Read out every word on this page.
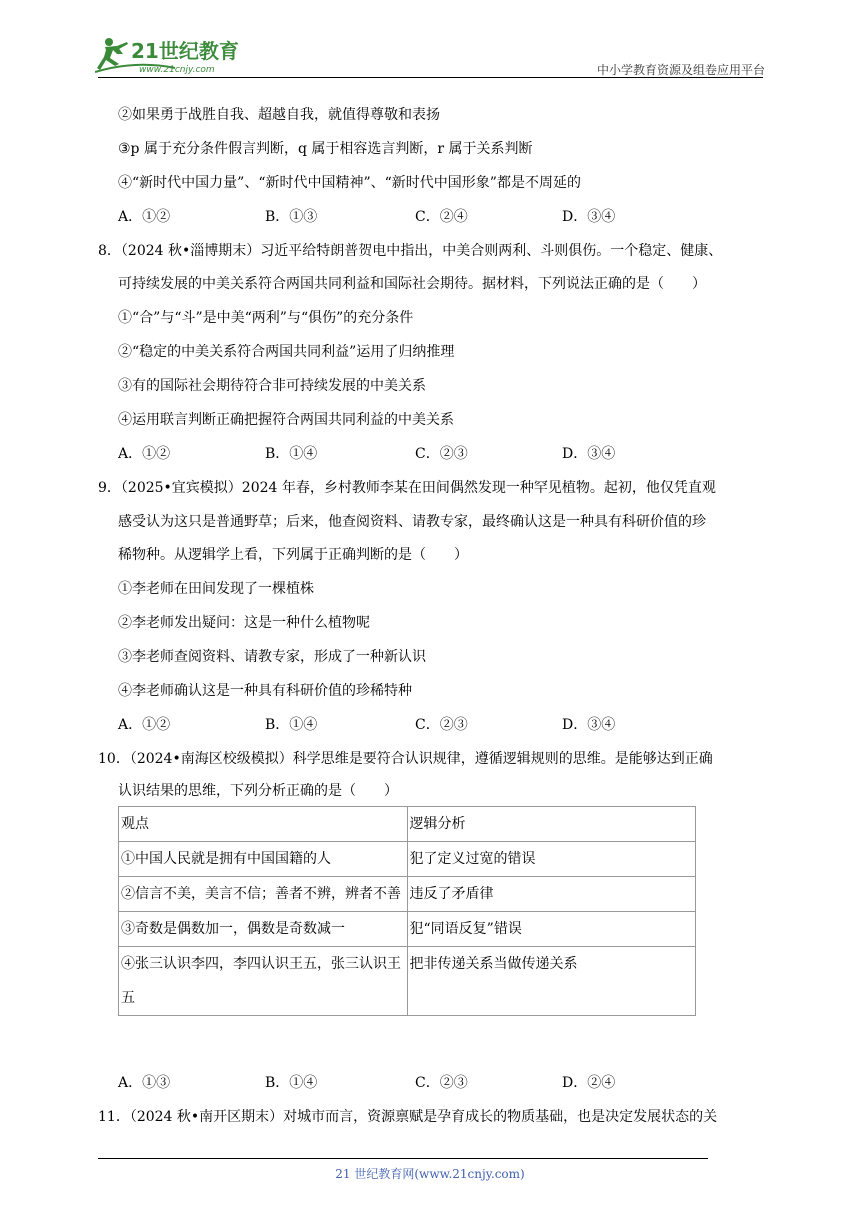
21世纪教育
www.21cnjy.com	中小学教育资源及组卷应用平台
②如果勇于战胜自我、超越自我，就值得尊敬和表扬
③p 属于充分条件假言判断，q 属于相容选言判断，r 属于关系判断
④“新时代中国力量”、“新时代中国精神”、“新时代中国形象”都是不周延的
A．①②	B．①③	C．②④	D．③④
8．（2024 秋•淄博期末）习近平给特朗普贺电中指出，中美合则两利、斗则俱伤。一个稳定、健康、
可持续发展的中美关系符合两国共同利益和国际社会期待。据材料，下列说法正确的是（　　）
①“合”与“斗”是中美“两利”与“俱伤”的充分条件
②“稳定的中美关系符合两国共同利益”运用了归纳推理
③有的国际社会期待符合非可持续发展的中美关系
④运用联言判断正确把握符合两国共同利益的中美关系
A．①②	B．①④	C．②③	D．③④
9．（2025•宜宾模拟）2024 年春，乡村教师李某在田间偶然发现一种罕见植物。起初，他仅凭直观
感受认为这只是普通野草；后来，他查阅资料、请教专家，最终确认这是一种具有科研价值的珍
稀物种。从逻辑学上看，下列属于正确判断的是（　　）
①李老师在田间发现了一棵植株
②李老师发出疑问：这是一种什么植物呢
③李老师查阅资料、请教专家，形成了一种新认识
④李老师确认这是一种具有科研价值的珍稀特种
A．①②	B．①④	C．②③	D．③④
10．（2024•南海区校级模拟）科学思维是要符合认识规律，遵循逻辑规则的思维。是能够达到正确
认识结果的思维，下列分析正确的是（　　）
观点	逻辑分析
①中国人民就是拥有中国国籍的人	犯了定义过宽的错误
②信言不美，美言不信；善者不辨，辨者不善	违反了矛盾律
③奇数是偶数加一，偶数是奇数减一	犯“同语反复”错误
④张三认识李四，李四认识王五，张三认识王五	把非传递关系当做传递关系
A．①③	B．①④	C．②③	D．②④
11．（2024 秋•南开区期末）对城市而言，资源禀赋是孕育成长的物质基础，也是决定发展状态的关
21 世纪教育网(www.21cnjy.com)
